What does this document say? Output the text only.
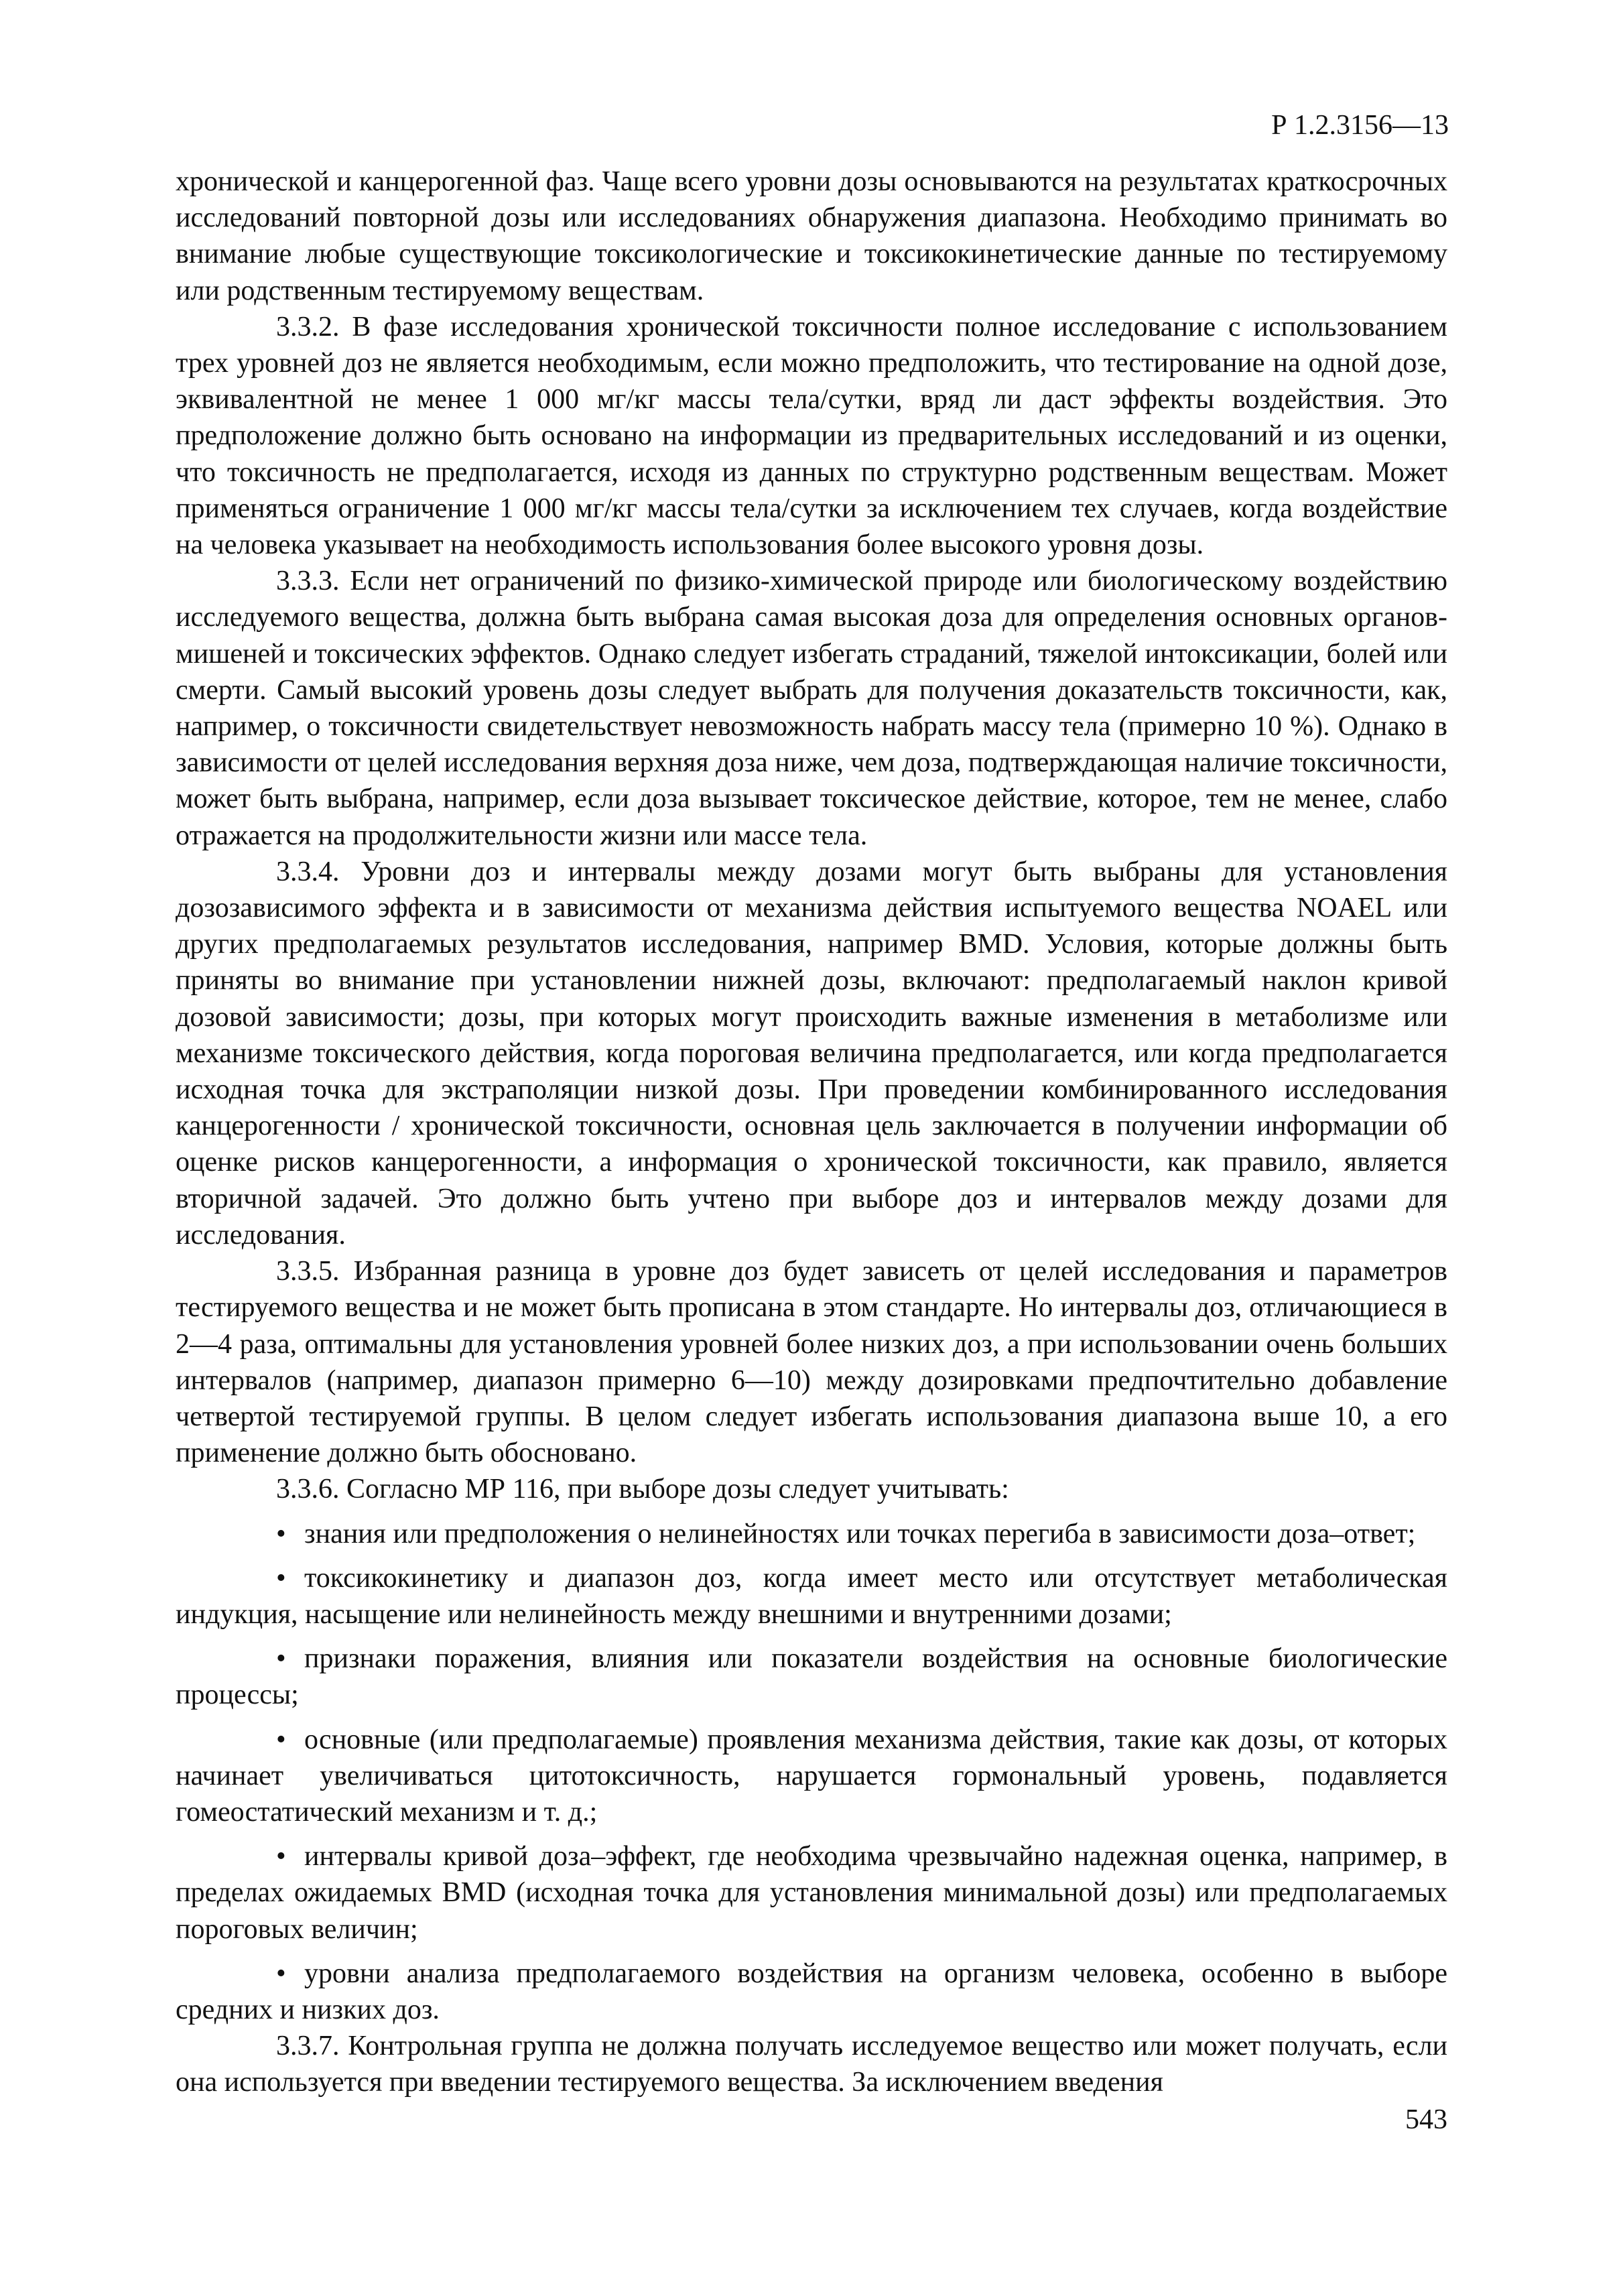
Р 1.2.3156—13

хронической и канцерогенной фаз. Чаще всего уровни дозы основываются на результатах краткосрочных исследований повторной дозы или исследованиях обнаружения диапазона. Необходимо принимать во внимание любые существующие токсикологические и токсикокинетические данные по тестируемому или родственным тестируемому веществам.

3.3.2. В фазе исследования хронической токсичности полное исследование с использованием трех уровней доз не является необходимым, если можно предположить, что тестирование на одной дозе, эквивалентной не менее 1 000 мг/кг массы тела/сутки, вряд ли даст эффекты воздействия. Это предположение должно быть основано на информации из предварительных исследований и из оценки, что токсичность не предполагается, исходя из данных по структурно родственным веществам. Может применяться ограничение 1 000 мг/кг массы тела/сутки за исключением тех случаев, когда воздействие на человека указывает на необходимость использования более высокого уровня дозы.

3.3.3. Если нет ограничений по физико-химической природе или биологическому воздействию исследуемого вещества, должна быть выбрана самая высокая доза для определения основных органов-мишеней и токсических эффектов. Однако следует избегать страданий, тяжелой интоксикации, болей или смерти. Самый высокий уровень дозы следует выбрать для получения доказательств токсичности, как, например, о токсичности свидетельствует невозможность набрать массу тела (примерно 10 %). Однако в зависимости от целей исследования верхняя доза ниже, чем доза, подтверждающая наличие токсичности, может быть выбрана, например, если доза вызывает токсическое действие, которое, тем не менее, слабо отражается на продолжительности жизни или массе тела.

3.3.4. Уровни доз и интервалы между дозами могут быть выбраны для установления дозозависимого эффекта и в зависимости от механизма действия испытуемого вещества NOAEL или других предполагаемых результатов исследования, например BMD. Условия, которые должны быть приняты во внимание при установлении нижней дозы, включают: предполагаемый наклон кривой дозовой зависимости; дозы, при которых могут происходить важные изменения в метаболизме или механизме токсического действия, когда пороговая величина предполагается, или когда предполагается исходная точка для экстраполяции низкой дозы. При проведении комбинированного исследования канцерогенности / хронической токсичности, основная цель заключается в получении информации об оценке рисков канцерогенности, а информация о хронической токсичности, как правило, является вторичной задачей. Это должно быть учтено при выборе доз и интервалов между дозами для исследования.

3.3.5. Избранная разница в уровне доз будет зависеть от целей исследования и параметров тестируемого вещества и не может быть прописана в этом стандарте. Но интервалы доз, отличающиеся в 2—4 раза, оптимальны для установления уровней более низких доз, а при использовании очень больших интервалов (например, диапазон примерно 6—10) между дозировками предпочтительно добавление четвертой тестируемой группы. В целом следует избегать использования диапазона выше 10, а его применение должно быть обосновано.

3.3.6. Согласно МР 116, при выборе дозы следует учитывать:

• знания или предположения о нелинейностях или точках перегиба в зависимости доза–ответ;

• токсикокинетику и диапазон доз, когда имеет место или отсутствует метаболическая индукция, насыщение или нелинейность между внешними и внутренними дозами;

• признаки поражения, влияния или показатели воздействия на основные биологические процессы;

• основные (или предполагаемые) проявления механизма действия, такие как дозы, от которых начинает увеличиваться цитотоксичность, нарушается гормональный уровень, подавляется гомеостатический механизм и т. д.;

• интервалы кривой доза–эффект, где необходима чрезвычайно надежная оценка, например, в пределах ожидаемых BMD (исходная точка для установления минимальной дозы) или предполагаемых пороговых величин;

• уровни анализа предполагаемого воздействия на организм человека, особенно в выборе средних и низких доз.

3.3.7. Контрольная группа не должна получать исследуемое вещество или может получать, если она используется при введении тестируемого вещества. За исключением введения

543
